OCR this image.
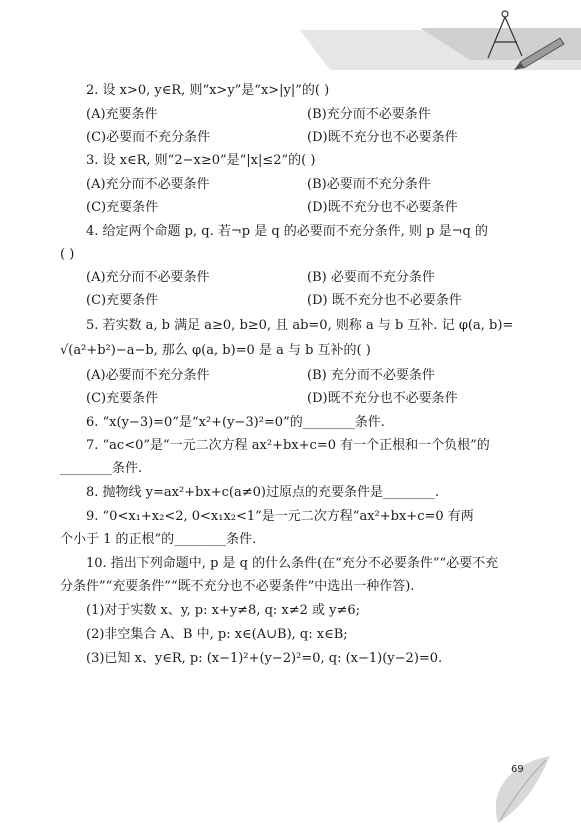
2. 设 x>0, y∈R, 则“x>y”是“x>|y|”的( )
(A)充要条件	(B)充分而不必要条件
(C)必要而不充分条件	(D)既不充分也不必要条件
3. 设 x∈R, 则“2−x≥0”是“|x|≤2”的( )
(A)充分而不必要条件	(B)必要而不充分条件
(C)充要条件	(D)既不充分也不必要条件
4. 给定两个命题 p, q. 若¬p 是 q 的必要而不充分条件, 则 p 是¬q 的
( )
(A)充分而不必要条件	(B) 必要而不充分条件
(C)充要条件	(D) 既不充分也不必要条件
5. 若实数 a, b 满足 a≥0, b≥0, 且 ab=0, 则称 a 与 b 互补. 记 φ(a, b)=
√(a²+b²)−a−b, 那么 φ(a, b)=0 是 a 与 b 互补的( )
(A)必要而不充分条件	(B) 充分而不必要条件
(C)充要条件	(D)既不充分也不必要条件
6. “x(y−3)=0”是“x²+(y−3)²=0”的________条件.
7. “ac<0”是“一元二次方程 ax²+bx+c=0 有一个正根和一个负根”的
________条件.
8. 抛物线 y=ax²+bx+c(a≠0)过原点的充要条件是________.
9. “0<x₁+x₂<2, 0<x₁x₂<1”是一元二次方程“ax²+bx+c=0 有两
个小于 1 的正根”的________条件.
10. 指出下列命题中, p 是 q 的什么条件(在“充分不必要条件”“必要不充
分条件”“充要条件”“既不充分也不必要条件”中选出一种作答).
(1)对于实数 x、y, p: x+y≠8, q: x≠2 或 y≠6;
(2)非空集合 A、B 中, p: x∈(A∪B), q: x∈B;
(3)已知 x、y∈R, p: (x−1)²+(y−2)²=0, q: (x−1)(y−2)=0.
69
